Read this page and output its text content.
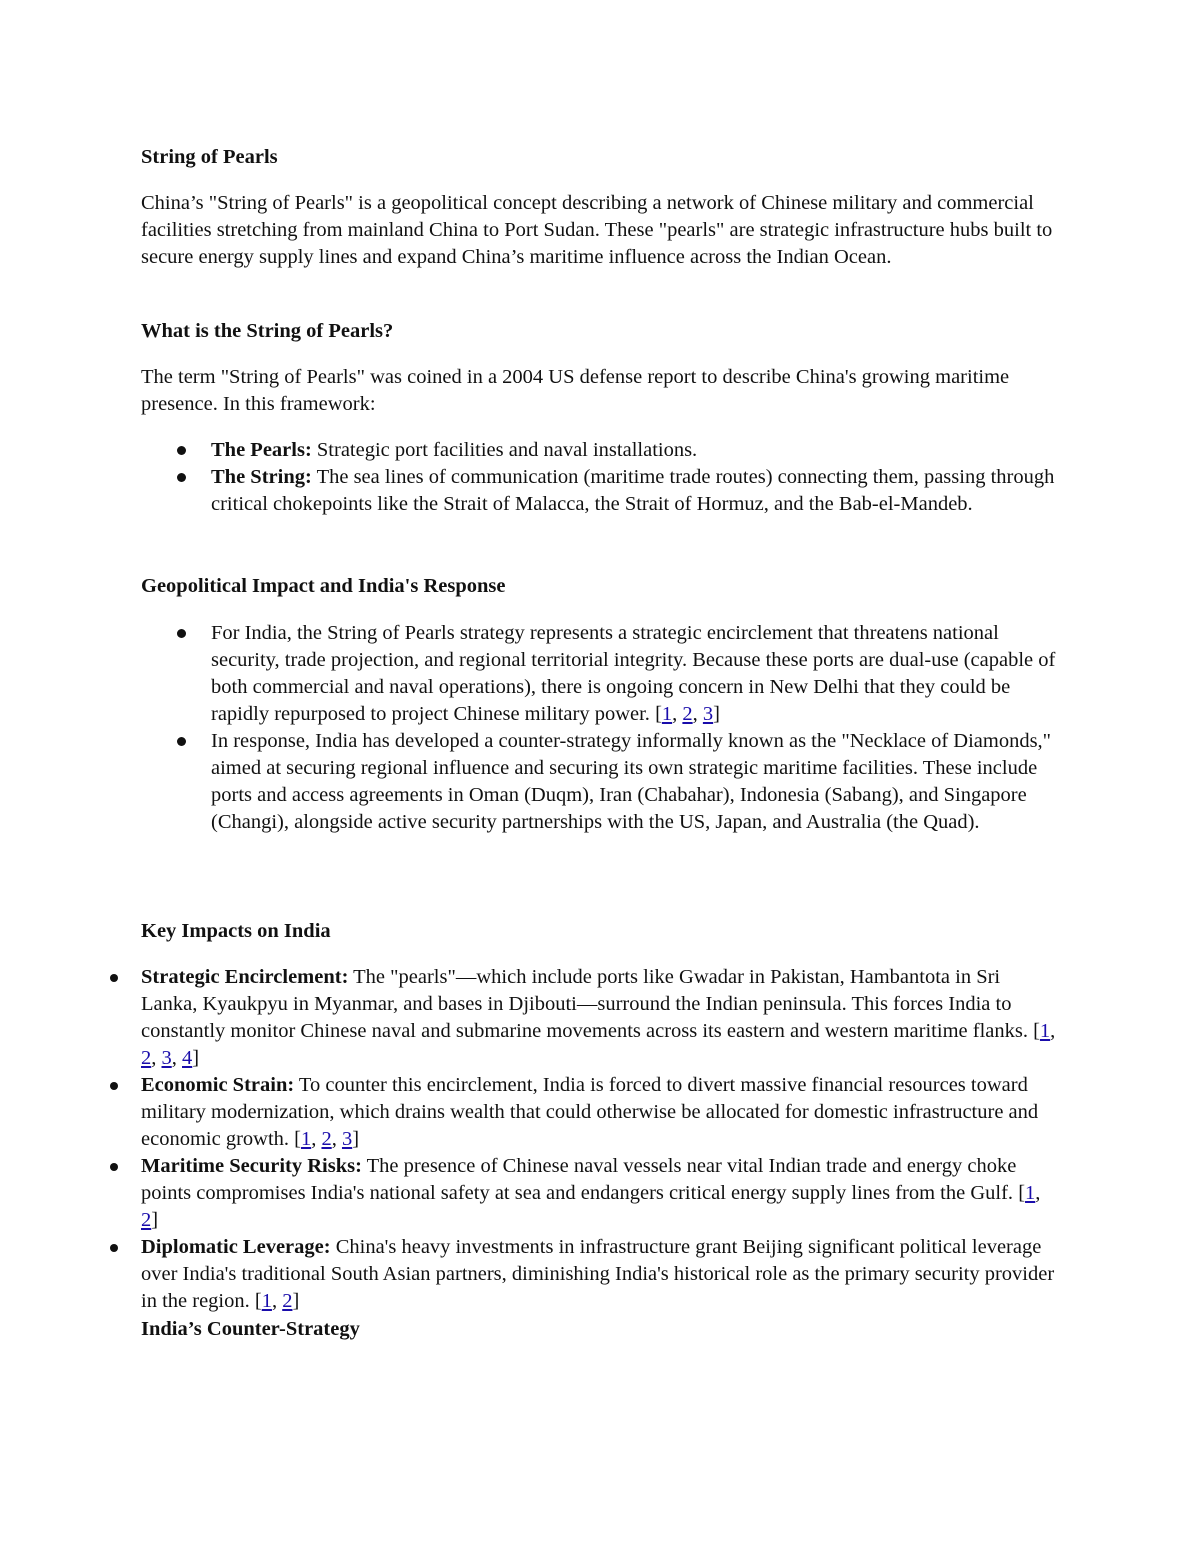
String of Pearls

China’s "String of Pearls" is a geopolitical concept describing a network of Chinese military and commercial facilities stretching from mainland China to Port Sudan. These "pearls" are strategic infrastructure hubs built to secure energy supply lines and expand China’s maritime influence across the Indian Ocean.

What is the String of Pearls?

The term "String of Pearls" was coined in a 2004 US defense report to describe China's growing maritime presence. In this framework:

The Pearls: Strategic port facilities and naval installations.
The String: The sea lines of communication (maritime trade routes) connecting them, passing through critical chokepoints like the Strait of Malacca, the Strait of Hormuz, and the Bab-el-Mandeb.
Geopolitical Impact and India's Response
For India, the String of Pearls strategy represents a strategic encirclement that threatens national security, trade projection, and regional territorial integrity. Because these ports are dual-use (capable of both commercial and naval operations), there is ongoing concern in New Delhi that they could be rapidly repurposed to project Chinese military power. [1, 2, 3]
In response, India has developed a counter-strategy informally known as the "Necklace of Diamonds," aimed at securing regional influence and securing its own strategic maritime facilities. These include ports and access agreements in Oman (Duqm), Iran (Chabahar), Indonesia (Sabang), and Singapore (Changi), alongside active security partnerships with the US, Japan, and Australia (the Quad).
Key Impacts on India
Strategic Encirclement: The "pearls"—which include ports like Gwadar in Pakistan, Hambantota in Sri Lanka, Kyaukpyu in Myanmar, and bases in Djibouti—surround the Indian peninsula. This forces India to constantly monitor Chinese naval and submarine movements across its eastern and western maritime flanks. [1, 2, 3, 4]
Economic Strain: To counter this encirclement, India is forced to divert massive financial resources toward military modernization, which drains wealth that could otherwise be allocated for domestic infrastructure and economic growth. [1, 2, 3]
Maritime Security Risks: The presence of Chinese naval vessels near vital Indian trade and energy choke points compromises India's national safety at sea and endangers critical energy supply lines from the Gulf. [1, 2]
Diplomatic Leverage: China's heavy investments in infrastructure grant Beijing significant political leverage over India's traditional South Asian partners, diminishing India's historical role as the primary security provider in the region. [1, 2]
India’s Counter-Strategy
